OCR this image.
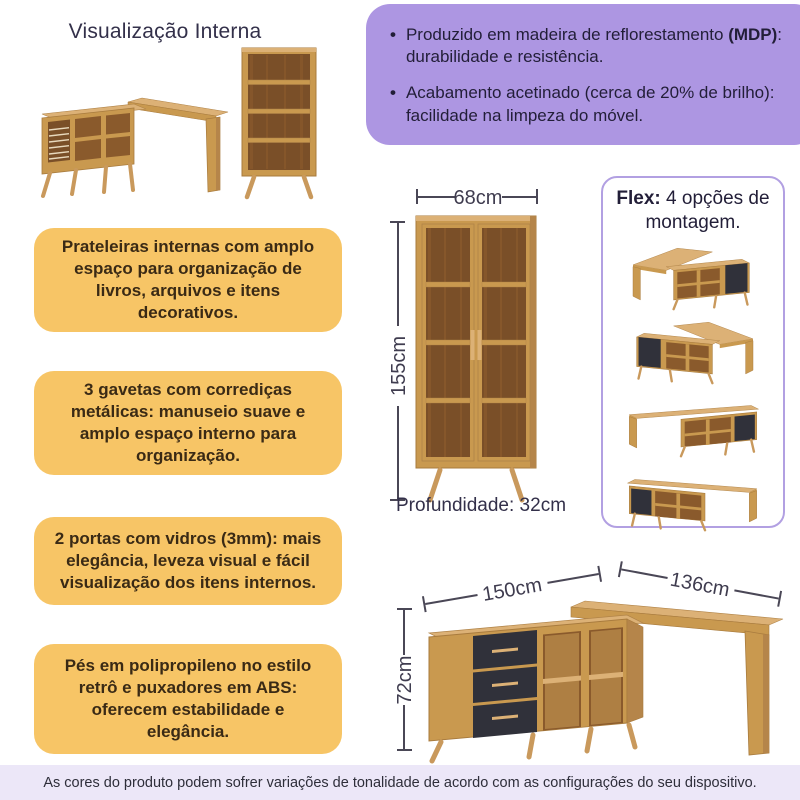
Visualização Interna	• Produzido em madeira de reflorestamento (MDP): durabilidade e resistência.
• Acabamento acetinado (cerca de 20% de brilho): facilidade na limpeza do móvel.
Prateleiras internas com amplo espaço para organização de livros, arquivos e itens decorativos.
3 gavetas com corrediças metálicas: manuseio suave e amplo espaço interno para organização.
2 portas com vidros (3mm): mais elegância, leveza visual e fácil visualização dos itens internos.
Pés em polipropileno no estilo retrô e puxadores em ABS: oferecem estabilidade e elegância.
68cm
155cm
Profundidade: 32cm
Flex: 4 opções de montagem.
150cm	136cm
72cm
As cores do produto podem sofrer variações de tonalidade de acordo com as configurações do seu dispositivo.
